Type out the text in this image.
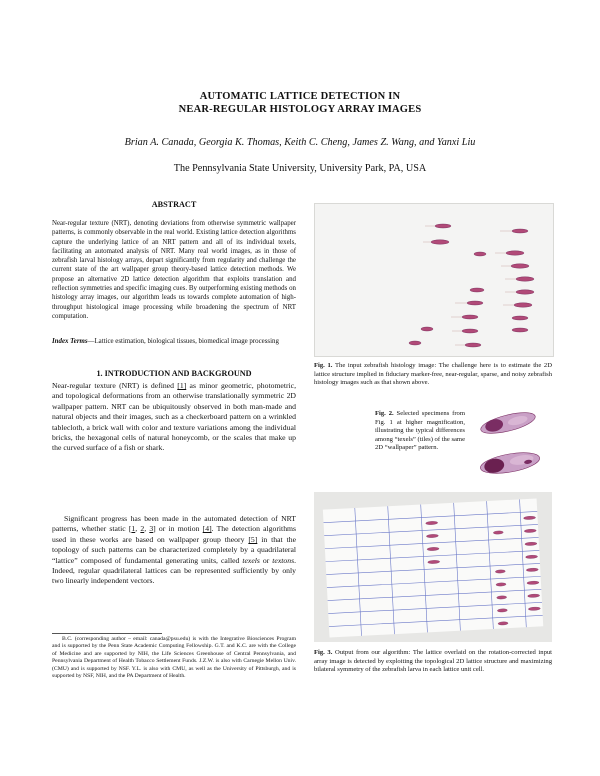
AUTOMATIC LATTICE DETECTION IN
NEAR-REGULAR HISTOLOGY ARRAY IMAGES
Brian A. Canada, Georgia K. Thomas, Keith C. Cheng, James Z. Wang, and Yanxi Liu
The Pennsylvania State University, University Park, PA, USA
ABSTRACT
Near-regular texture (NRT), denoting deviations from otherwise symmetric wallpaper patterns, is commonly observable in the real world. Existing lattice detection algorithms capture the underlying lattice of an NRT pattern and all of its individual texels, facilitating an automated analysis of NRT. Many real world images, as in those of zebrafish larval histology arrays, depart significantly from regularity and challenge the current state of the art wallpaper group theory-based lattice detection methods. We propose an alternative 2D lattice detection algorithm that exploits translation and reflection symmetries and specific imaging cues. By outperforming existing methods on histology array images, our algorithm leads us towards complete automation of high-throughput histological image processing while broadening the spectrum of NRT computation.
Index Terms—Lattice estimation, biological tissues, biomedical image processing
1. INTRODUCTION AND BACKGROUND
Near-regular texture (NRT) is defined [1] as minor geometric, photometric, and topological deformations from an otherwise translationally symmetric 2D wallpaper pattern. NRT can be ubiquitously observed in both man-made and natural objects and their images, such as a checkerboard pattern on a wrinkled tablecloth, a brick wall with color and texture variations among the individual bricks, the hexagonal cells of natural honeycomb, or the scales that make up the curved surface of a fish or shark.
Significant progress has been made in the automated detection of NRT patterns, whether static [1, 2, 3] or in motion [4]. The detection algorithms used in these works are based on wallpaper group theory [5] in that the topology of such patterns can be characterized completely by a quadrilateral “lattice” composed of fundamental generating units, called texels or textons. Indeed, regular quadrilateral lattices can be represented sufficiently by only two linearly independent vectors.
B.C. (corresponding author – email: canada@psu.edu) is with the Integrative Biosciences Program and is supported by the Penn State Academic Computing Fellowship. G.T. and K.C. are with the College of Medicine and are supported by NIH, the Life Sciences Greenhouse of Central Pennsylvania, and Pennsylvania Department of Health Tobacco Settlement Funds. J.Z.W. is also with Carnegie Mellon Univ. (CMU) and is supported by NSF. Y.L. is also with CMU, as well as the University of Pittsburgh, and is supported by NSF, NIH, and the PA Department of Health.
Fig. 1. The input zebrafish histology image: The challenge here is to estimate the 2D lattice structure implied in fiduciary marker-free, near-regular, sparse, and noisy zebrafish histology images such as that shown above.
Fig. 2. Selected specimens from Fig. 1 at higher magnification, illustrating the typical differences among “texels” (tiles) of the same 2D “wallpaper” pattern.
Fig. 3. Output from our algorithm: The lattice overlaid on the rotation-corrected input array image is detected by exploiting the topological 2D lattice structure and maximizing bilateral symmetry of the zebrafish larva in each lattice unit cell.
